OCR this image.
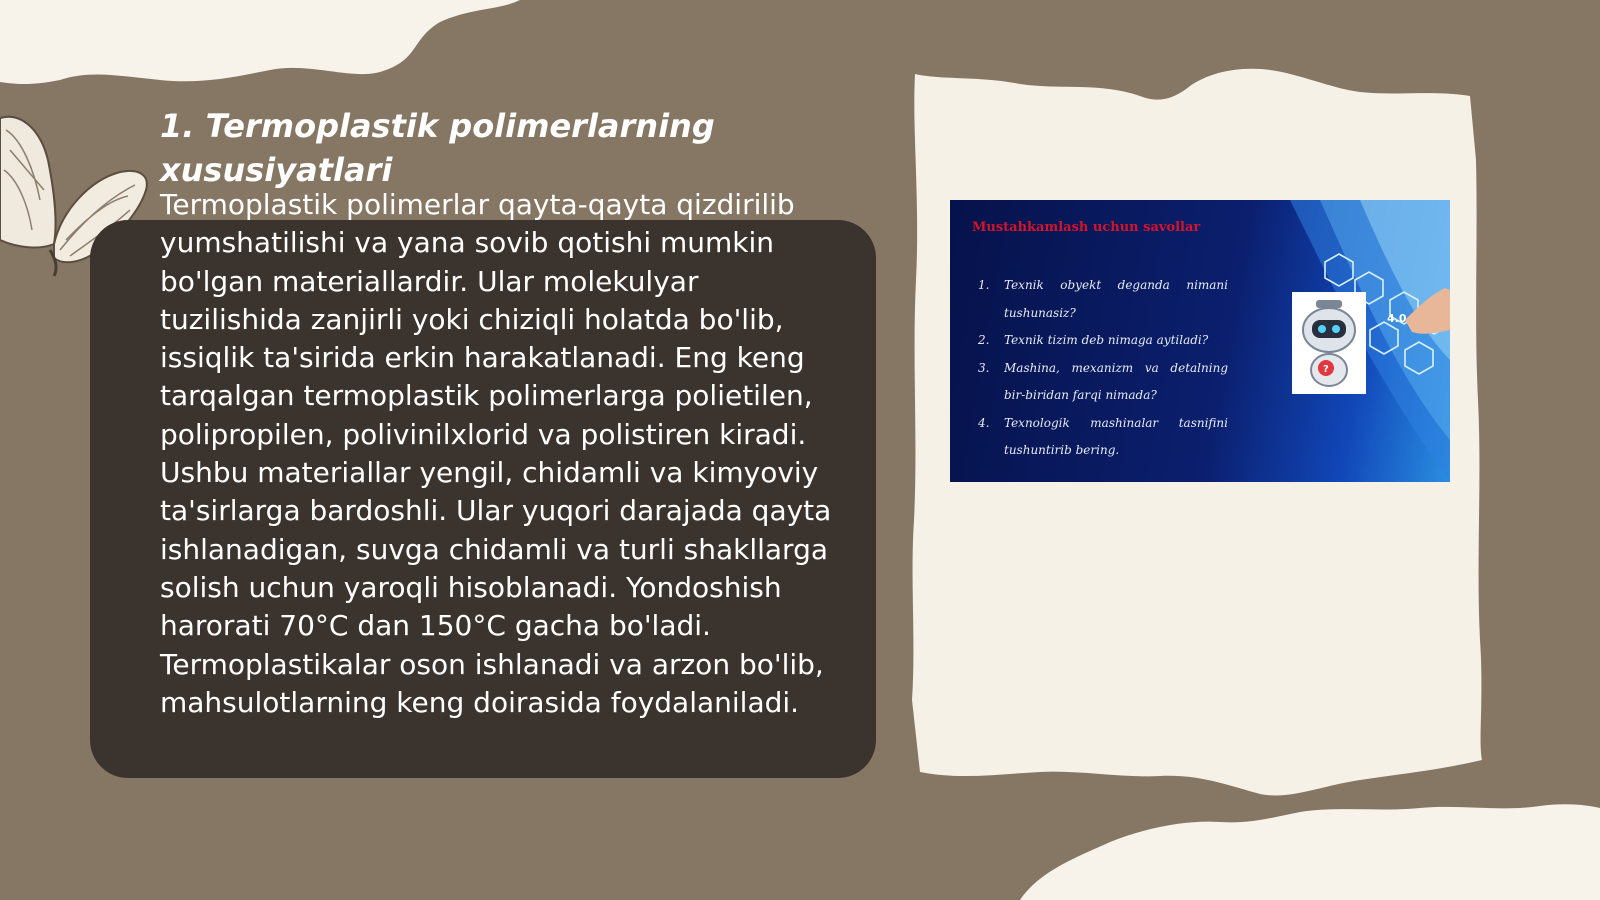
1. Termoplastik polimerlarning xususiyatlari

Termoplastik polimerlar qayta-qayta qizdirilib yumshatilishi va yana sovib qotishi mumkin bo'lgan materiallardir. Ular molekulyar tuzilishida zanjirli yoki chiziqli holatda bo'lib, issiqlik ta'sirida erkin harakatlanadi. Eng keng tarqalgan termoplastik polimerlarga polietilen, polipropilen, polivinilxlorid va polistiren kiradi. Ushbu materiallar yengil, chidamli va kimyoviy ta'sirlarga bardoshli. Ular yuqori darajada qayta ishlanadigan, suvga chidamli va turli shakllarga solish uchun yaroqli hisoblanadi. Yondoshish harorati 70°C dan 150°C gacha bo'ladi. Termoplastikalar oson ishlanadi va arzon bo'lib, mahsulotlarning keng doirasida foydalaniladi.

4.0
Mustahkamlash uchun savollar
1. Texnik obyekt deganda nimani tushunasiz?
2. Texnik tizim deb nimaga aytiladi?
3. Mashina, mexanizm va detalning bir-biridan farqi nimada?
4. Texnologik mashinalar tasnifini tushuntirib bering.
?
